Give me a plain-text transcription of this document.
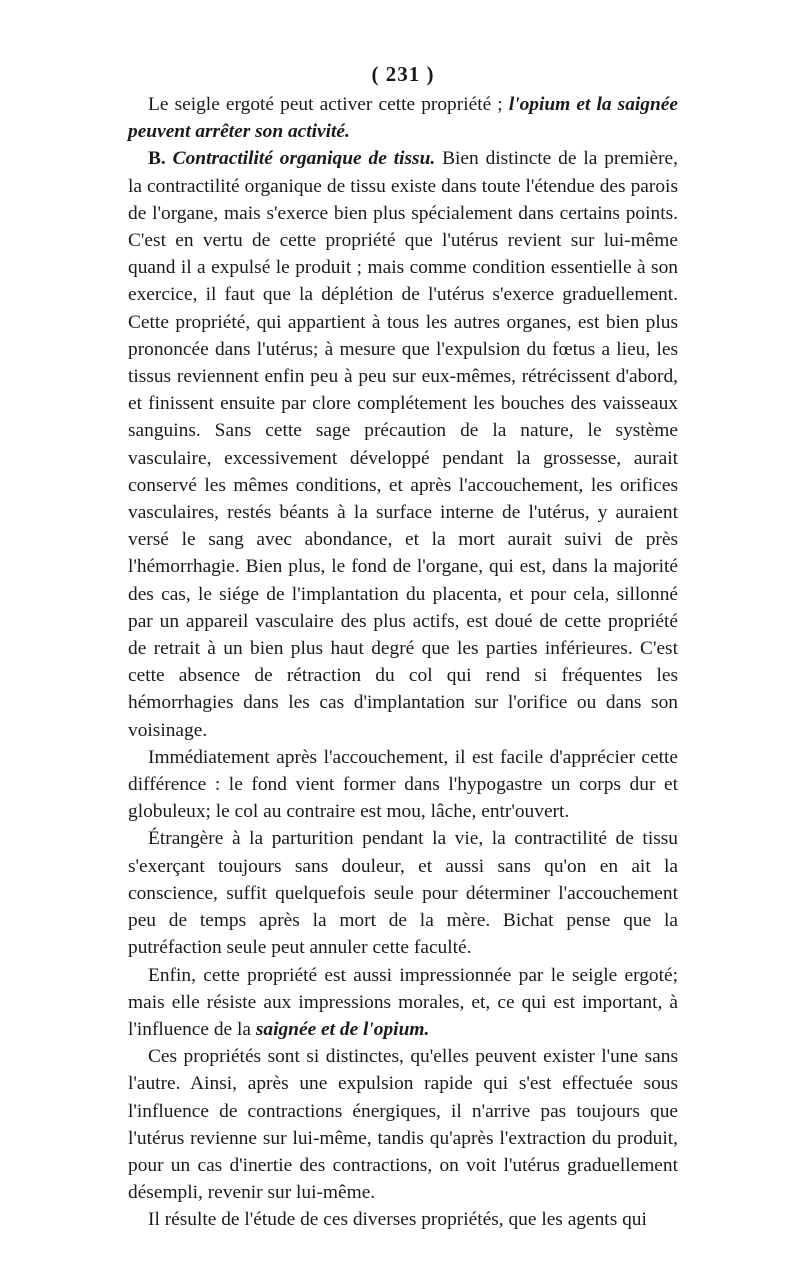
( 231 )

Le seigle ergoté peut activer cette propriété ; l'opium et la saignée peuvent arrêter son activité.

B. Contractilité organique de tissu. Bien distincte de la première, la contractilité organique de tissu existe dans toute l'étendue des parois de l'organe, mais s'exerce bien plus spécialement dans certains points. C'est en vertu de cette propriété que l'utérus revient sur lui-même quand il a expulsé le produit ; mais comme condition essentielle à son exercice, il faut que la déplétion de l'utérus s'exerce graduellement. Cette propriété, qui appartient à tous les autres organes, est bien plus prononcée dans l'utérus; à mesure que l'expulsion du fœtus a lieu, les tissus reviennent enfin peu à peu sur eux-mêmes, rétrécissent d'abord, et finissent ensuite par clore complétement les bouches des vaisseaux sanguins. Sans cette sage précaution de la nature, le système vasculaire, excessivement développé pendant la grossesse, aurait conservé les mêmes conditions, et après l'accouchement, les orifices vasculaires, restés béants à la surface interne de l'utérus, y auraient versé le sang avec abondance, et la mort aurait suivi de près l'hémorrhagie. Bien plus, le fond de l'organe, qui est, dans la majorité des cas, le siége de l'implantation du placenta, et pour cela, sillonné par un appareil vasculaire des plus actifs, est doué de cette propriété de retrait à un bien plus haut degré que les parties inférieures. C'est cette absence de rétraction du col qui rend si fréquentes les hémorrhagies dans les cas d'implantation sur l'orifice ou dans son voisinage.

Immédiatement après l'accouchement, il est facile d'apprécier cette différence : le fond vient former dans l'hypogastre un corps dur et globuleux; le col au contraire est mou, lâche, entr'ouvert.

Étrangère à la parturition pendant la vie, la contractilité de tissu s'exerçant toujours sans douleur, et aussi sans qu'on en ait la conscience, suffit quelquefois seule pour déterminer l'accouchement peu de temps après la mort de la mère. Bichat pense que la putréfaction seule peut annuler cette faculté.

Enfin, cette propriété est aussi impressionnée par le seigle ergoté; mais elle résiste aux impressions morales, et, ce qui est important, à l'influence de la saignée et de l'opium.

Ces propriétés sont si distinctes, qu'elles peuvent exister l'une sans l'autre. Ainsi, après une expulsion rapide qui s'est effectuée sous l'influence de contractions énergiques, il n'arrive pas toujours que l'utérus revienne sur lui-même, tandis qu'après l'extraction du produit, pour un cas d'inertie des contractions, on voit l'utérus graduellement désempli, revenir sur lui-même.

Il résulte de l'étude de ces diverses propriétés, que les agents qui
